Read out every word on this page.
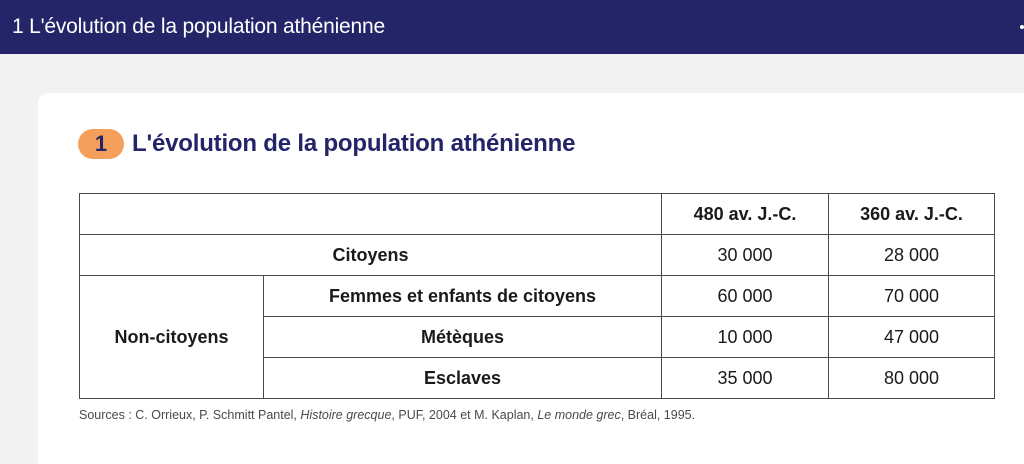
1 L'évolution de la population athénienne
1	L'évolution de la population athénienne
		480 av. J.-C.	360 av. J.-C.
Citoyens		30 000	28 000
Non-citoyens	Femmes et enfants de citoyens	60 000	70 000
	Métèques	10 000	47 000
	Esclaves	35 000	80 000
Sources : C. Orrieux, P. Schmitt Pantel, Histoire grecque, PUF, 2004 et M. Kaplan, Le monde grec, Bréal, 1995.
